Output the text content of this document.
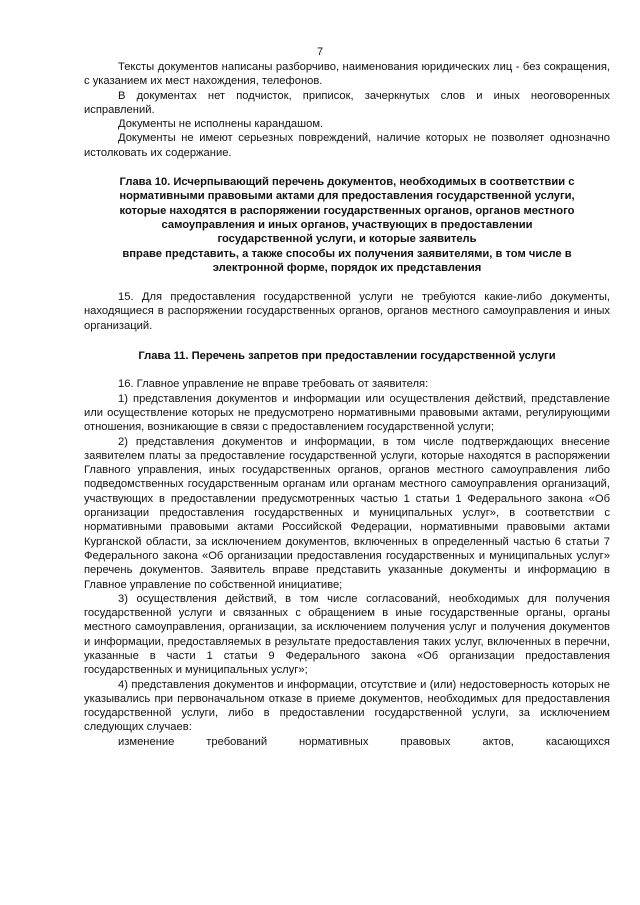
7

Тексты документов написаны разборчиво, наименования юридических лиц - без сокращения, с указанием их мест нахождения, телефонов.

В документах нет подчисток, приписок, зачеркнутых слов и иных неоговоренных исправлений.

Документы не исполнены карандашом.

Документы не имеют серьезных повреждений, наличие которых не позволяет однозначно истолковать их содержание.

Глава 10. Исчерпывающий перечень документов, необходимых в соответствии с

нормативными правовыми актами для предоставления государственной услуги,

которые находятся в распоряжении государственных органов, органов местного

самоуправления и иных органов, участвующих в предоставлении

государственной услуги, и которые заявитель

вправе представить, а также способы их получения заявителями, в том числе в

электронной форме, порядок их представления

15. Для предоставления государственной услуги не требуются какие-либо документы, находящиеся в распоряжении государственных органов, органов местного самоуправления и иных организаций.

Глава 11. Перечень запретов при предоставлении государственной услуги

16. Главное управление не вправе требовать от заявителя:

1) представления документов и информации или осуществления действий, представление или осуществление которых не предусмотрено нормативными правовыми актами, регулирующими отношения, возникающие в связи с предоставлением государственной услуги;

2) представления документов и информации, в том числе подтверждающих внесение заявителем платы за предоставление государственной услуги, которые находятся в распоряжении Главного управления, иных государственных органов, органов местного самоуправления либо подведомственных государственным органам или органам местного самоуправления организаций, участвующих в предоставлении предусмотренных частью 1 статьи 1 Федерального закона «Об организации предоставления государственных и муниципальных услуг», в соответствии с нормативными правовыми актами Российской Федерации, нормативными правовыми актами Курганской области, за исключением документов, включенных в определенный частью 6 статьи 7 Федерального закона «Об организации предоставления государственных и муниципальных услуг» перечень документов. Заявитель вправе представить указанные документы и информацию в Главное управление по собственной инициативе;

3) осуществления действий, в том числе согласований, необходимых для получения государственной услуги и связанных с обращением в иные государственные органы, органы местного самоуправления, организации, за исключением получения услуг и получения документов и информации, предоставляемых в результате предоставления таких услуг, включенных в перечни, указанные в части 1 статьи 9 Федерального закона «Об организации предоставления государственных и муниципальных услуг»;

4) представления документов и информации, отсутствие и (или) недостоверность которых не указывались при первоначальном отказе в приеме документов, необходимых для предоставления государственной услуги, либо в предоставлении государственной услуги, за исключением следующих случаев:

изменение требований нормативных правовых актов, касающихся
